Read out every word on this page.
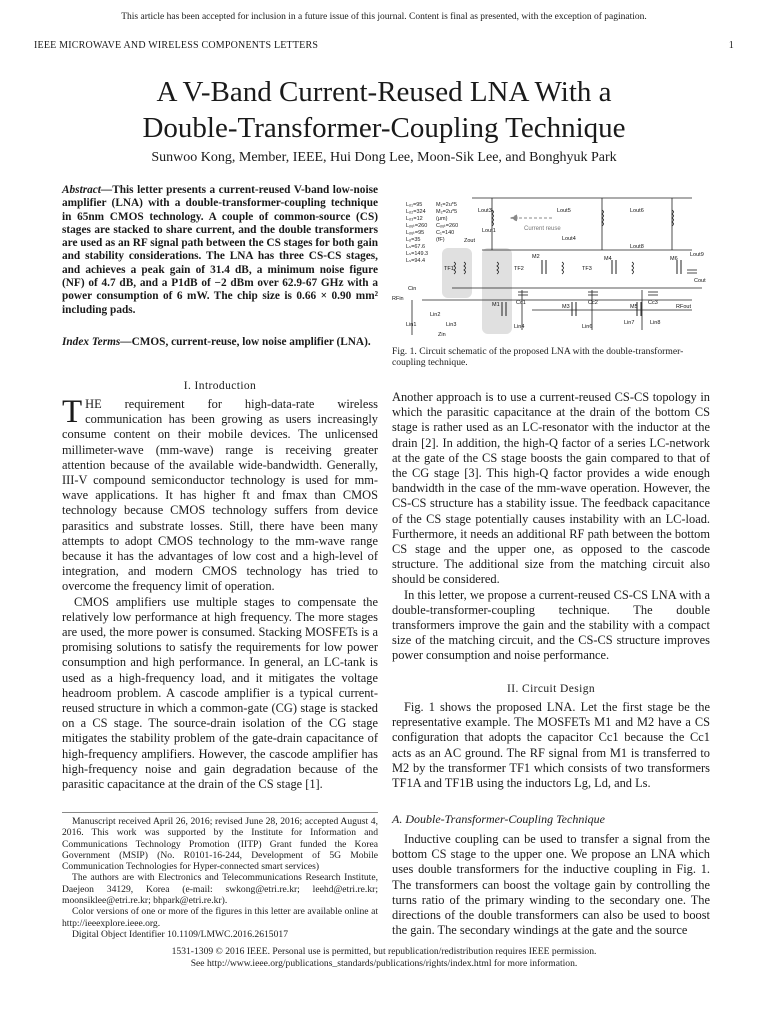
This article has been accepted for inclusion in a future issue of this journal. Content is final as presented, with the exception of pagination.
IEEE MICROWAVE AND WIRELESS COMPONENTS LETTERS	1
A V-Band Current-Reused LNA With a
Double-Transformer-Coupling Technique
Sunwoo Kong, Member, IEEE, Hui Dong Lee, Moon-Sik Lee, and Bonghyuk Park
Abstract—This letter presents a current-reused V-band low-noise amplifier (LNA) with a double-transformer-coupling technique in 65nm CMOS technology. A couple of common-source (CS) stages are stacked to share current, and the double transformers are used as an RF signal path between the CS stages for both gain and stability considerations. The LNA has three CS-CS stages, and achieves a peak gain of 31.4 dB, a minimum noise figure (NF) of 4.7 dB, and a P1dB of −2 dBm over 62.9-67 GHz with a power consumption of 6 mW. The chip size is 0.66 × 0.90 mm² including pads.
Index Terms—CMOS, current-reuse, low noise amplifier (LNA).
I. Introduction

THE requirement for high-data-rate wireless communication has been growing as users increasingly consume content on their mobile devices. The unlicensed millimeter-wave (mm-wave) range is receiving greater attention because of the available wide-bandwidth. Generally, III-V compound semiconductor technology is used for mm-wave applications. It has higher ft and fmax than CMOS technology because CMOS technology suffers from device parasitics and substrate losses. Still, there have been many attempts to adopt CMOS technology to the mm-wave range because it has the advantages of low cost and a high-level of integration, and modern CMOS technology has tried to overcome the frequency limit of operation.

CMOS amplifiers use multiple stages to compensate the relatively low performance at high frequency. The more stages are used, the more power is consumed. Stacking MOSFETs is a promising solutions to satisfy the requirements for low power consumption and high performance. In general, an LC-tank is used as a high-frequency load, and it mitigates the voltage headroom problem. A cascode amplifier is a typical current-reused structure in which a common-gate (CG) stage is stacked on a CS stage. The source-drain isolation of the CG stage mitigates the stability problem of the gate-drain capacitance of high-frequency amplifiers. However, the cascode amplifier has high-frequency noise and gain degradation because of the parasitic capacitance at the drain of the CS stage [1].

Manuscript received April 26, 2016; revised June 28, 2016; accepted August 4, 2016. This work was supported by the Institute for Information and Communications Technology Promotion (IITP) Grant funded the Korea Government (MSIP) (No. R0101-16-244, Development of 5G Mobile Communication Technologies for Hyper-connected smart services)

The authors are with Electronics and Telecommunications Research Institute, Daejeon 34129, Korea (e-mail: swkong@etri.re.kr; leehd@etri.re.kr; moonsiklee@etri.re.kr; bhpark@etri.re.kr).

Color versions of one or more of the figures in this letter are available online at http://ieeexplore.ieee.org.

Digital Object Identifier 10.1109/LMWC.2016.2615017

Lₒ₁=95
Lₒ₂=324
Lₒ₃=12
Lₒᵤₜ=260
Lₒᵤₜ=95
Lₒ=35
Lₛ=67.6
Lₛ=149.3
Lₛ=94.4
M₁=2u*5
M₂=2u*5
(μm)
Cₒᵤₜ=260
C₁=140
(fF)
Current reuse
Lout3	Lout5	Lout6
Lout1
Zout
M2
Lout4
Lout8
M4	M6
Lout9
TF1	TF2	TF3
Cout
Cin
Cc1	Cc2	Cc3
M1	M3	M5
Lin1
Lin2
Lin3
Zin
Lin4	Lin6
Lin7	Lin8
RFout
RFin
Fig. 1. Circuit schematic of the proposed LNA with the double-transformer-coupling technique.

Another approach is to use a current-reused CS-CS topology in which the parasitic capacitance at the drain of the bottom CS stage is rather used as an LC-resonator with the inductor at the drain [2]. In addition, the high-Q factor of a series LC-network at the gate of the CS stage boosts the gain compared to that of the CG stage [3]. This high-Q factor provides a wide enough bandwidth in the case of the mm-wave operation. However, the CS-CS structure has a stability issue. The feedback capacitance of the CS stage potentially causes instability with an LC-load. Furthermore, it needs an additional RF path between the bottom CS stage and the upper one, as opposed to the cascode structure. The additional size from the matching circuit also should be considered.

In this letter, we propose a current-reused CS-CS LNA with a double-transformer-coupling technique. The double transformers improve the gain and the stability with a compact size of the matching circuit, and the CS-CS structure improves power consumption and noise performance.

II. Circuit Design

Fig. 1 shows the proposed LNA. Let the first stage be the representative example. The MOSFETs M1 and M2 have a CS configuration that adopts the capacitor Cc1 because the Cc1 acts as an AC ground. The RF signal from M1 is transferred to M2 by the transformer TF1 which consists of two transformers TF1A and TF1B using the inductors Lg, Ld, and Ls.

A. Double-Transformer-Coupling Technique

Inductive coupling can be used to transfer a signal from the bottom CS stage to the upper one. We propose an LNA which uses double transformers for the inductive coupling in Fig. 1. The transformers can boost the voltage gain by controlling the turns ratio of the primary winding to the secondary one. The directions of the double transformers can also be used to boost the gain. The secondary windings at the gate and the source

1531-1309 © 2016 IEEE. Personal use is permitted, but republication/redistribution requires IEEE permission.
See http://www.ieee.org/publications_standards/publications/rights/index.html for more information.
